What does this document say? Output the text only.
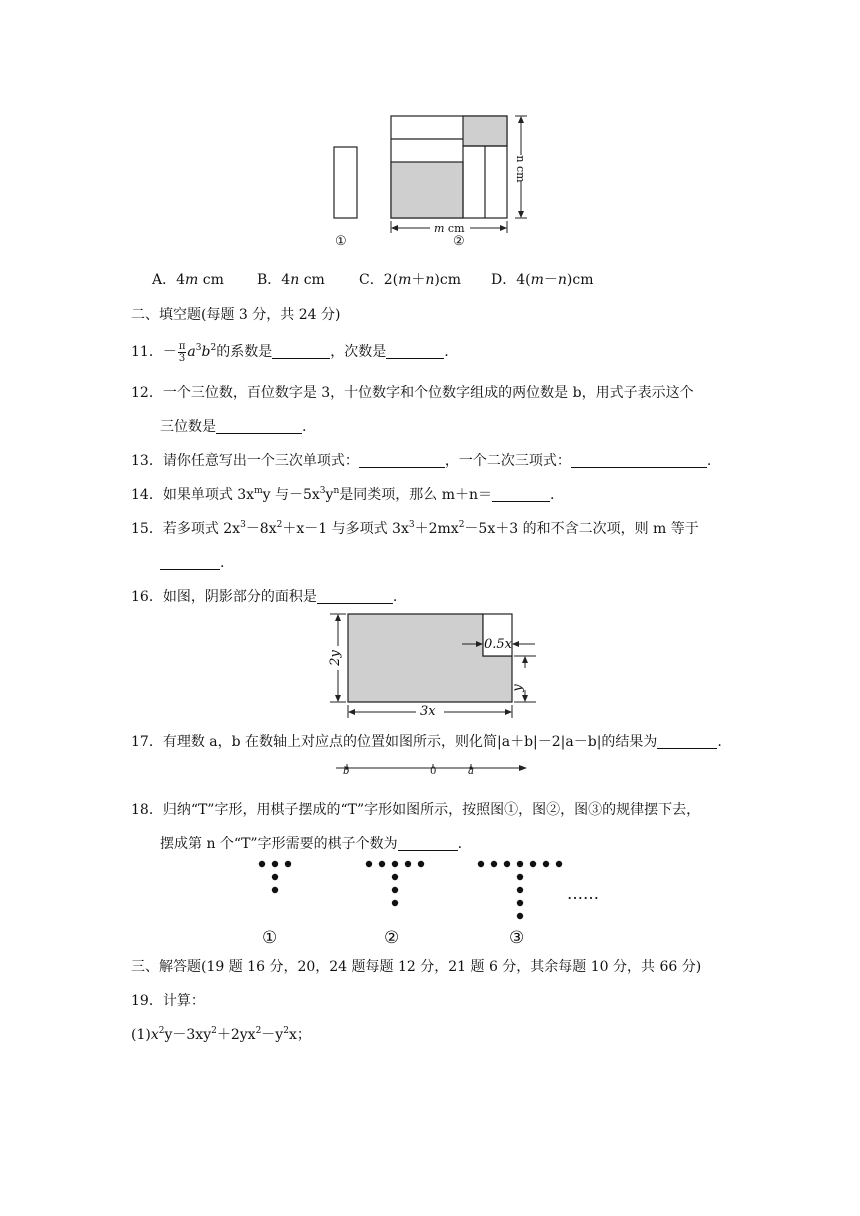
①	②
m cm
n cm
A．4m cm B．4n cm C．2(m＋n)cm D．4(m－n)cm
二、填空题(每题 3 分，共 24 分)
11．－ $\frac{\pi}{3} a^3b^2$的系数是	，次数是	.
12．一个三位数，百位数字是 3，十位数字和个位数字组成的两位数是 b，用式子表示这个
三位数是	.
13．请你任意写出一个三次单项式：	，一个二次三项式：	.
14．如果单项式 $3x^my$ 与$-5x^3y^n$是同类项，那么 m＋n＝	.
15．若多项式 $2x^3-8x^2+x-1$ 与多项式 $3x^3+2mx^2-5x+3$ 的和不含二次项，则 m 等于
.
16．如图，阴影部分的面积是	.
2y
3x
0.5x
y
17．有理数 a，b 在数轴上对应点的位置如图所示，则化简|a＋b|－2|a－b|的结果为	.
b	0	a
18．归纳“T”字形，用棋子摆成的“T”字形如图所示，按照图①，图②，图③的规律摆下去，
摆成第 n 个“T”字形需要的棋子个数为	.
……
①	②	③
三、解答题(19 题 16 分，20，24 题每题 12 分，21 题 6 分，其余每题 10 分，共 66 分)
19．计算：
$(1)x^2y-3xy^2+2yx^2-y^2x$；
